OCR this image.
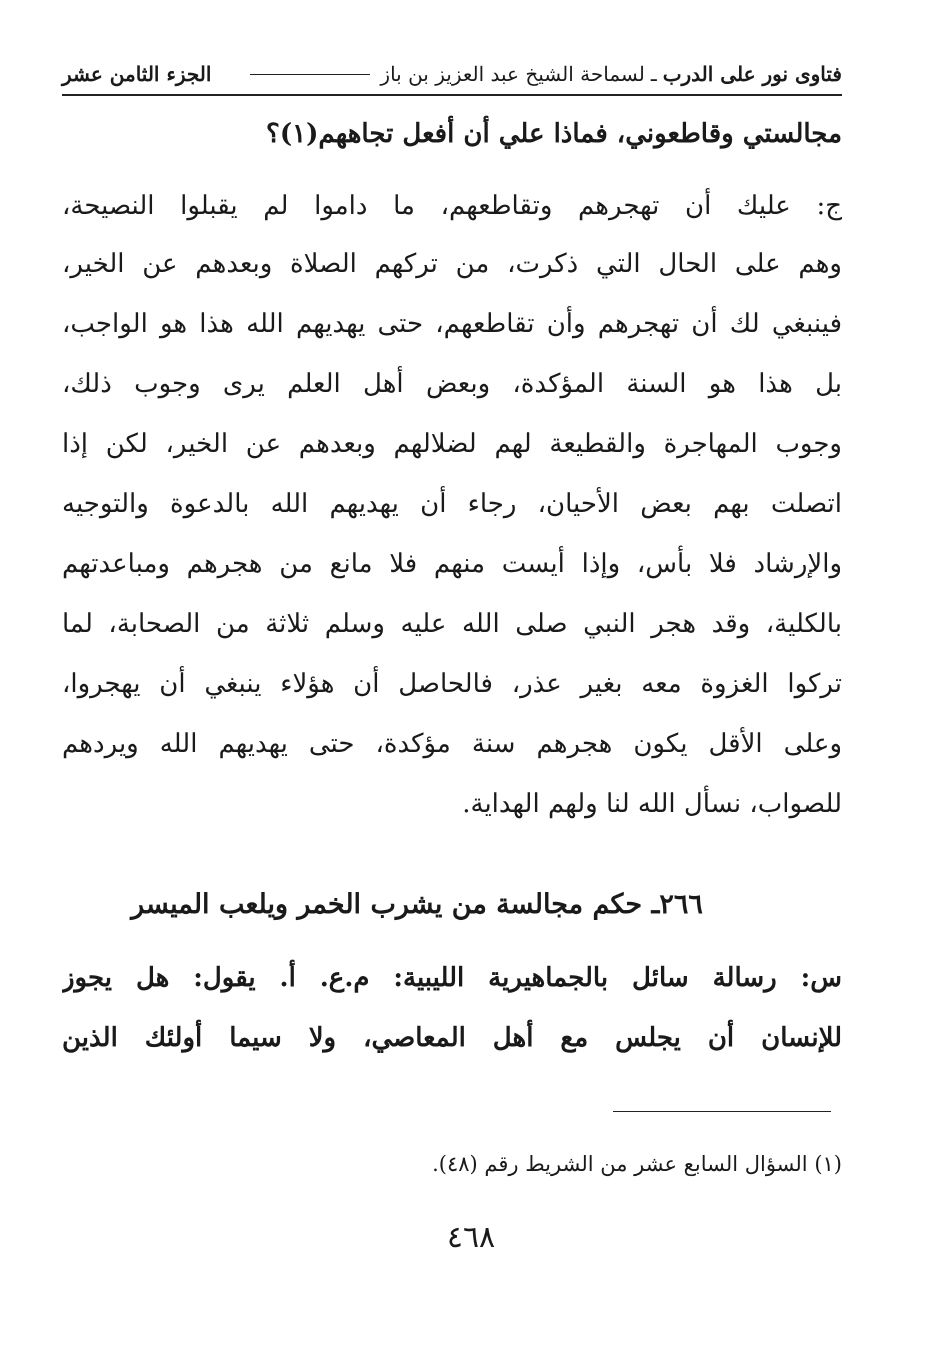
فتاوى نور على الدرب
ـ
لسماحة الشيخ عبد العزيز بن باز
الجزء الثامن عشر
مجالستي وقاطعوني، فماذا علي أن أفعل تجاههم(١)؟
ج: عليك أن تهجرهم وتقاطعهم، ما داموا لم يقبلوا النصيحة،
وهم على الحال التي ذكرت، من تركهم الصلاة وبعدهم عن الخير،
فينبغي لك أن تهجرهم وأن تقاطعهم، حتى يهديهم الله هذا هو الواجب،
بل هذا هو السنة المؤكدة، وبعض أهل العلم يرى وجوب ذلك،
وجوب المهاجرة والقطيعة لهم لضلالهم وبعدهم عن الخير، لكن إذا
اتصلت بهم بعض الأحيان، رجاء أن يهديهم الله بالدعوة والتوجيه
والإرشاد فلا بأس، وإذا أيست منهم فلا مانع من هجرهم ومباعدتهم
بالكلية، وقد هجر النبي صلى الله عليه وسلم ثلاثة من الصحابة، لما
تركوا الغزوة معه بغير عذر، فالحاصل أن هؤلاء ينبغي أن يهجروا،
وعلى الأقل يكون هجرهم سنة مؤكدة، حتى يهديهم الله ويردهم
للصواب، نسأل الله لنا ولهم الهداية.
٢٦٦ـ حكم مجالسة من يشرب الخمر ويلعب الميسر
س: رسالة سائل بالجماهيرية الليبية: م.ع. أ. يقول: هل يجوز
للإنسان أن يجلس مع أهل المعاصي، ولا سيما أولئك الذين
(١) السؤال السابع عشر من الشريط رقم (٤٨).
٤٦٨
